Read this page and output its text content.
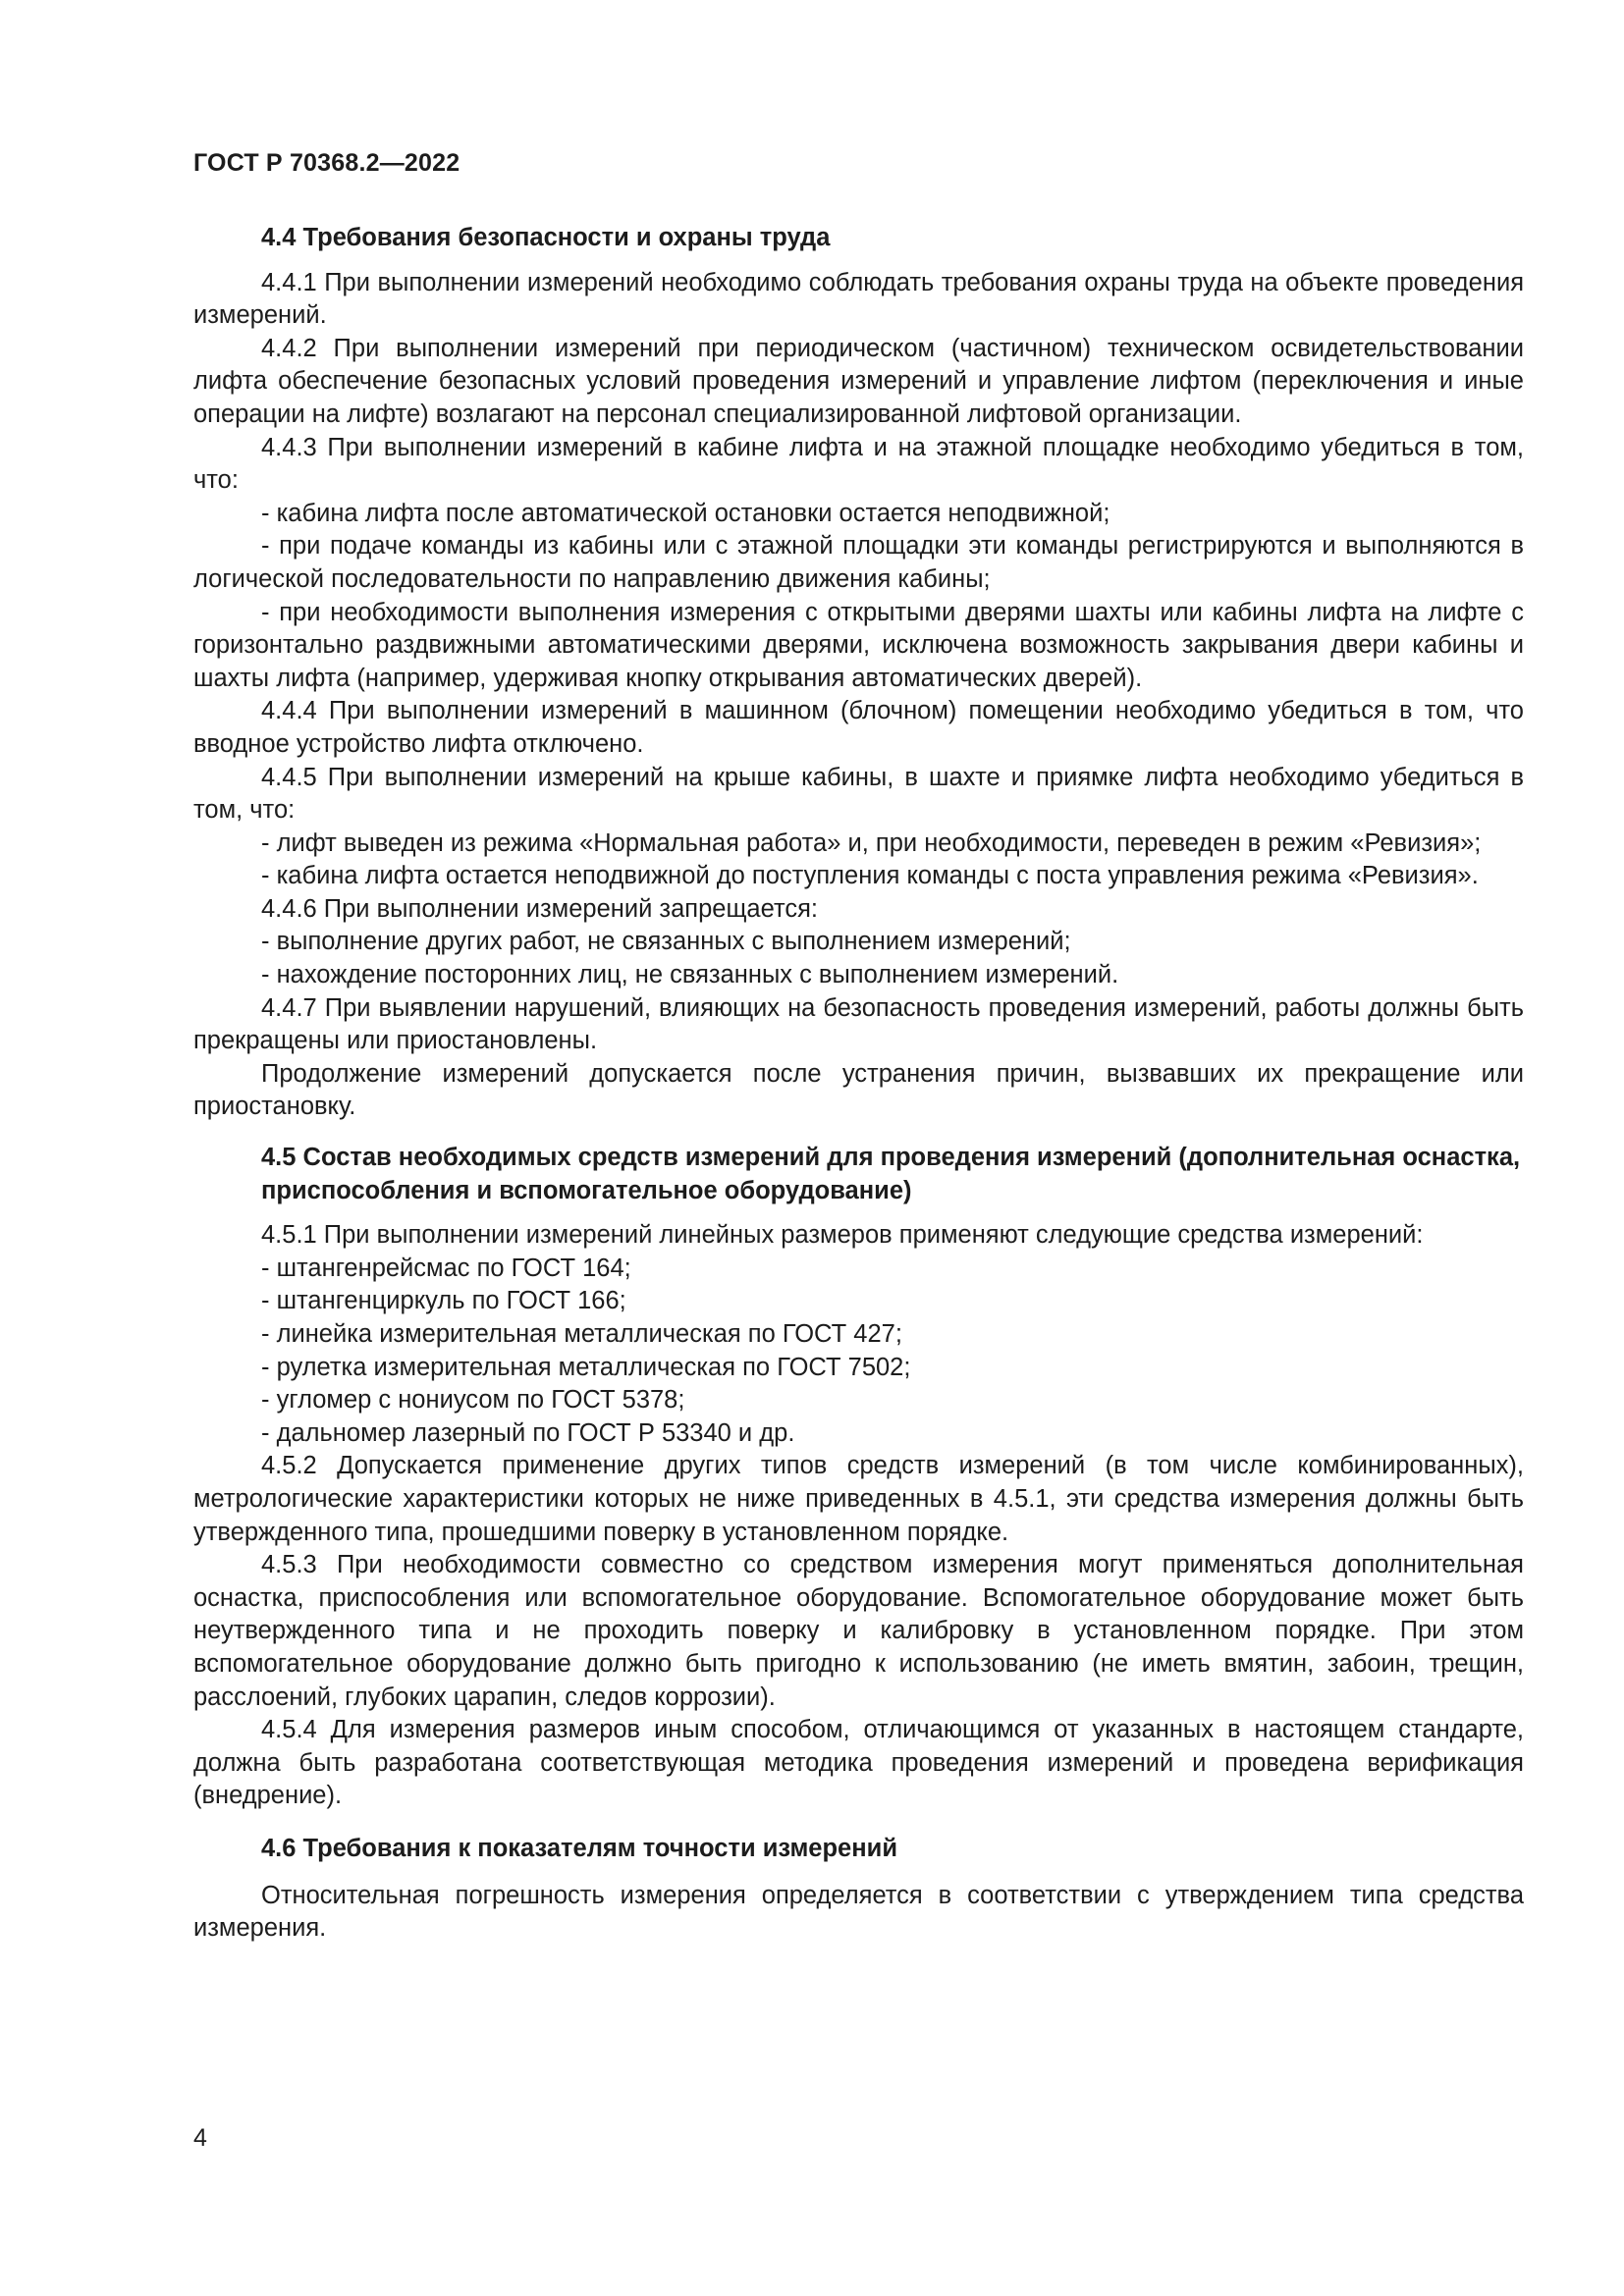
ГОСТ Р 70368.2—2022
4.4 Требования безопасности и охраны труда

4.4.1 При выполнении измерений необходимо соблюдать требования охраны труда на объекте проведения измерений.

4.4.2 При выполнении измерений при периодическом (частичном) техническом освидетельствовании лифта обеспечение безопасных условий проведения измерений и управление лифтом (переключения и иные операции на лифте) возлагают на персонал специализированной лифтовой организации.

4.4.3 При выполнении измерений в кабине лифта и на этажной площадке необходимо убедиться в том, что:

- кабина лифта после автоматической остановки остается неподвижной;

- при подаче команды из кабины или с этажной площадки эти команды регистрируются и выполняются в логической последовательности по направлению движения кабины;

- при необходимости выполнения измерения с открытыми дверями шахты или кабины лифта на лифте с горизонтально раздвижными автоматическими дверями, исключена возможность закрывания двери кабины и шахты лифта (например, удерживая кнопку открывания автоматических дверей).

4.4.4 При выполнении измерений в машинном (блочном) помещении необходимо убедиться в том, что вводное устройство лифта отключено.

4.4.5 При выполнении измерений на крыше кабины, в шахте и приямке лифта необходимо убедиться в том, что:

- лифт выведен из режима «Нормальная работа» и, при необходимости, переведен в режим «Ревизия»;

- кабина лифта остается неподвижной до поступления команды с поста управления режима «Ревизия».

4.4.6 При выполнении измерений запрещается:

- выполнение других работ, не связанных с выполнением измерений;

- нахождение посторонних лиц, не связанных с выполнением измерений.

4.4.7 При выявлении нарушений, влияющих на безопасность проведения измерений, работы должны быть прекращены или приостановлены.

Продолжение измерений допускается после устранения причин, вызвавших их прекращение или приостановку.

4.5 Состав необходимых средств измерений для проведения измерений (дополнительная оснастка, приспособления и вспомогательное оборудование)

4.5.1 При выполнении измерений линейных размеров применяют следующие средства измерений:

- штангенрейсмас по ГОСТ 164;

- штангенциркуль по ГОСТ 166;

- линейка измерительная металлическая по ГОСТ 427;

- рулетка измерительная металлическая по ГОСТ 7502;

- угломер с нониусом по ГОСТ 5378;

- дальномер лазерный по ГОСТ Р 53340 и др.

4.5.2 Допускается применение других типов средств измерений (в том числе комбинированных), метрологические характеристики которых не ниже приведенных в 4.5.1, эти средства измерения должны быть утвержденного типа, прошедшими поверку в установленном порядке.

4.5.3 При необходимости совместно со средством измерения могут применяться дополнительная оснастка, приспособления или вспомогательное оборудование. Вспомогательное оборудование может быть неутвержденного типа и не проходить поверку и калибровку в установленном порядке. При этом вспомогательное оборудование должно быть пригодно к использованию (не иметь вмятин, забоин, трещин, расслоений, глубоких царапин, следов коррозии).

4.5.4 Для измерения размеров иным способом, отличающимся от указанных в настоящем стандарте, должна быть разработана соответствующая методика проведения измерений и проведена верификация (внедрение).

4.6 Требования к показателям точности измерений

Относительная погрешность измерения определяется в соответствии с утверждением типа средства измерения.

4
